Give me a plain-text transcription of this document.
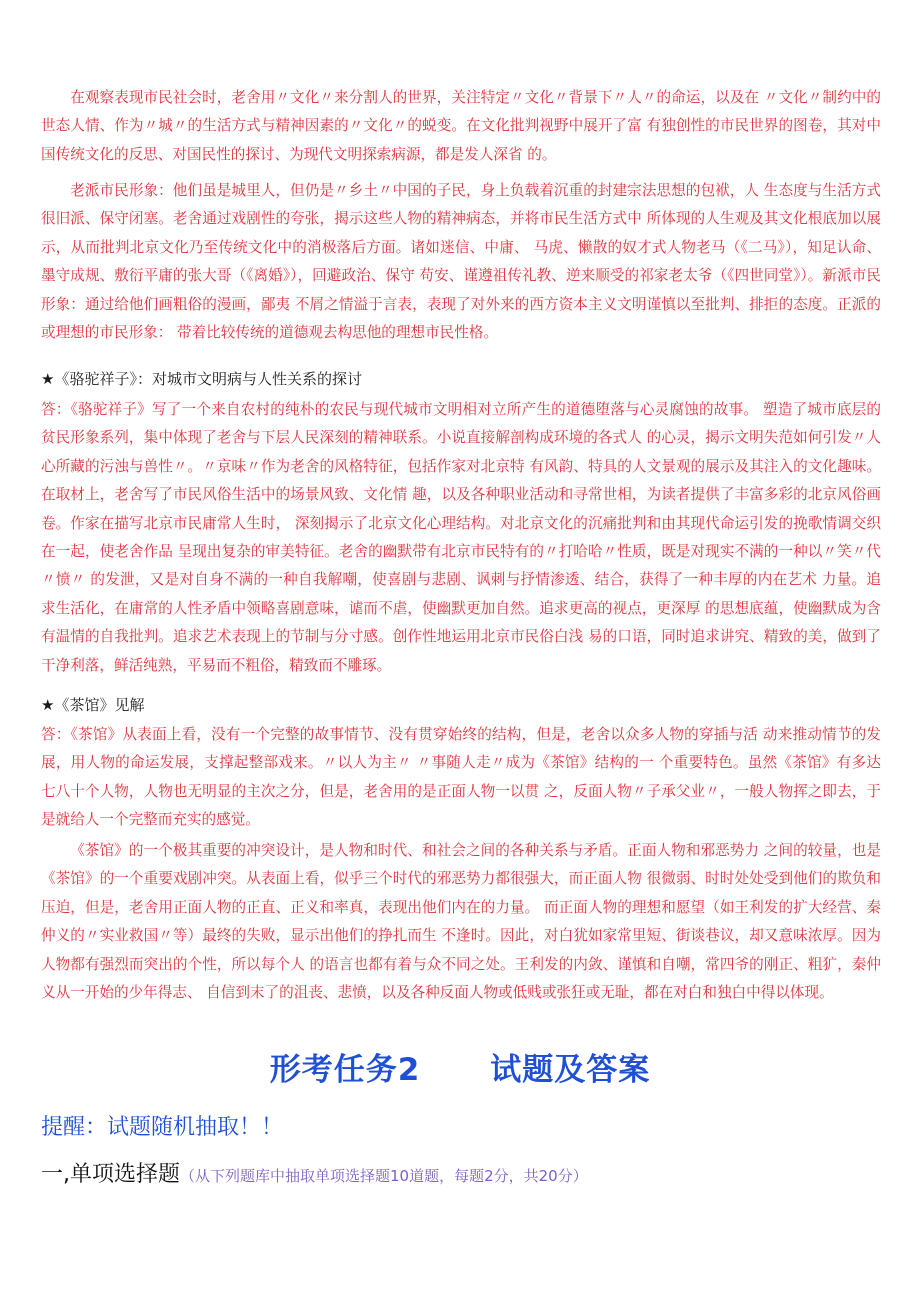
在观察表现市民社会时，老舍用〃文化〃来分割人的世界，关注特定〃文化〃背景下〃人〃的命运，以及在 〃文化〃制约中的世态人情、作为〃城〃的生活方式与精神因素的〃文化〃的蜕变。在文化批判视野中展开了富 有独创性的市民世界的图卷，其对中国传统文化的反思、对国民性的探讨、为现代文明探索病源，都是发人深省 的。

老派市民形象：他们虽是城里人，但仍是〃乡土〃中国的子民，身上负载着沉重的封建宗法思想的包袱，人 生态度与生活方式很旧派、保守闭塞。老舍通过戏剧性的夸张，揭示这些人物的精神病态，并将市民生活方式中 所体现的人生观及其文化根底加以展示，从而批判北京文化乃至传统文化中的消极落后方面。诸如迷信、中庸、 马虎、懒散的奴才式人物老马（《二马》），知足认命、墨守成规、敷衍平庸的张大哥（《离婚》），回避政治、保守 苟安、谨遵祖传礼教、逆来顺受的祁家老太爷（《四世同堂》）。新派市民形象：通过给他们画粗俗的漫画，鄙夷 不屑之情溢于言表，表现了对外来的西方资本主义文明谨慎以至批判、排拒的态度。正派的或理想的市民形象： 带着比较传统的道德观去构思他的理想市民性格。

★《骆驼祥子》：对城市文明病与人性关系的探讨

答：《骆驼祥子》写了一个来自农村的纯朴的农民与现代城市文明相对立所产生的道德堕落与心灵腐蚀的故事。 塑造了城市底层的贫民形象系列，集中体现了老舍与下层人民深刻的精神联系。小说直接解剖构成环境的各式人 的心灵，揭示文明失范如何引发〃人心所藏的污浊与兽性〃。〃京味〃作为老舍的风格特征，包括作家对北京特 有风韵、特具的人文景观的展示及其注入的文化趣味。在取材上，老舍写了市民风俗生活中的场景风致、文化情 趣，以及各种职业活动和寻常世相，为读者提供了丰富多彩的北京风俗画卷。作家在描写北京市民庸常人生时， 深刻揭示了北京文化心理结构。对北京文化的沉痛批判和由其现代命运引发的挽歌情调交织在一起，使老舍作品 呈现出复杂的审美特征。老舍的幽默带有北京市民特有的〃打哈哈〃性质，既是对现实不满的一种以〃笑〃代〃愤〃 的发泄，又是对自身不满的一种自我解嘲，使喜剧与悲剧、讽刺与抒情渗透、结合，获得了一种丰厚的内在艺术 力量。追求生活化，在庸常的人性矛盾中领略喜剧意味，谑而不虐，使幽默更加自然。追求更高的视点，更深厚 的思想底蕴，使幽默成为含有温情的自我批判。追求艺术表现上的节制与分寸感。创作性地运用北京市民俗白浅 易的口语，同时追求讲究、精致的美，做到了干净利落，鲜活纯熟，平易而不粗俗，精致而不雕琢。

★《茶馆》见解

答：《茶馆》从表面上看，没有一个完整的故事情节、没有贯穿始终的结构，但是，老舍以众多人物的穿插与活 动来推动情节的发展，用人物的命运发展，支撑起整部戏来。〃以人为主〃 〃事随人走〃成为《茶馆》结构的一 个重要特色。虽然《茶馆》有多达七八十个人物，人物也无明显的主次之分，但是，老舍用的是正面人物一以贯 之，反面人物〃子承父业〃，一般人物挥之即去，于是就给人一个完整而充实的感觉。

《茶馆》的一个极其重要的冲突设计，是人物和时代、和社会之间的各种关系与矛盾。正面人物和邪恶势力 之间的较量，也是《茶馆》的一个重要戏剧冲突。从表面上看，似乎三个时代的邪恶势力都很强大，而正面人物 很微弱、时时处处受到他们的欺负和压迫，但是，老舍用正面人物的正直、正义和率真，表现出他们内在的力量。 而正面人物的理想和愿望（如王利发的扩大经营、秦仲义的〃实业救国〃等）最终的失败，显示出他们的挣扎而生 不逢时。因此，对白犹如家常里短、街谈巷议，却又意味浓厚。因为人物都有强烈而突出的个性，所以每个人 的语言也都有着与众不同之处。王利发的内敛、谨慎和自嘲，常四爷的刚正、粗犷，秦仲义从一开始的少年得志、 自信到末了的沮丧、悲愤，以及各种反面人物或低贱或张狂或无耻，都在对白和独白中得以体现。

形考任务2 试题及答案

提醒：试题随机抽取！！

一,单项选择题（从下列题库中抽取单项选择题10道题，每题2分，共20分）
